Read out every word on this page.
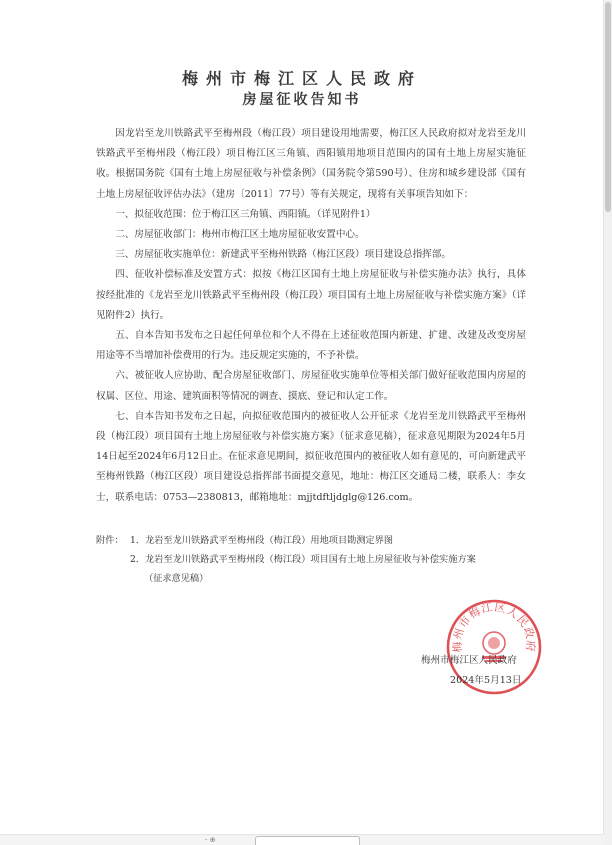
梅州市梅江区人民政府
房屋征收告知书

因龙岩至龙川铁路武平至梅州段（梅江段）项目建设用地需要，梅江区人民政府拟对龙岩至龙川铁路武平至梅州段（梅江段）项目梅江区三角镇、西阳镇用地项目范围内的国有土地上房屋实施征收。根据国务院《国有土地上房屋征收与补偿条例》（国务院令第590号）、住房和城乡建设部《国有土地上房屋征收评估办法》（建房〔2011〕77号）等有关规定，现将有关事项告知如下：

一、拟征收范围：位于梅江区三角镇、西阳镇。（详见附件1）

二、房屋征收部门：梅州市梅江区土地房屋征收安置中心。

三、房屋征收实施单位：新建武平至梅州铁路（梅江区段）项目建设总指挥部。

四、征收补偿标准及安置方式：拟按《梅江区国有土地上房屋征收与补偿实施办法》执行，具体按经批准的《龙岩至龙川铁路武平至梅州段（梅江段）项目国有土地上房屋征收与补偿实施方案》（详见附件2）执行。

五、自本告知书发布之日起任何单位和个人不得在上述征收范围内新建、扩建、改建及改变房屋用途等不当增加补偿费用的行为。违反规定实施的，不予补偿。

六、被征收人应协助、配合房屋征收部门、房屋征收实施单位等相关部门做好征收范围内房屋的权属、区位、用途、建筑面积等情况的调查、摸底、登记和认定工作。

七、自本告知书发布之日起，向拟征收范围内的被征收人公开征求《龙岩至龙川铁路武平至梅州段（梅江段）项目国有土地上房屋征收与补偿实施方案》（征求意见稿），征求意见期限为2024年5月14日起至2024年6月12日止。在征求意见期间，拟征收范围内的被征收人如有意见的，可向新建武平至梅州铁路（梅江区段）项目建设总指挥部书面提交意见，地址：梅江区交通局二楼，联系人：李女士，联系电话：0753—2380813，邮箱地址：mjjtdftljdglg@126.com。

附件： 1．龙岩至龙川铁路武平至梅州段（梅江段）用地项目勘测定界图
2．龙岩至龙川铁路武平至梅州段（梅江段）项目国有土地上房屋征收与补偿实施方案
（征求意见稿）
梅州市梅江区人民政府
梅州市梅江区人民政府
2024年5月13日
- ⊕
